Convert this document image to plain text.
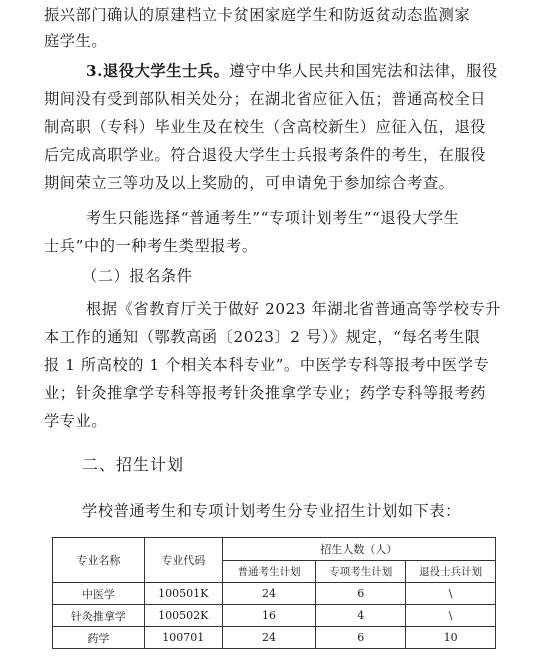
振兴部门确认的原建档立卡贫困家庭学生和防返贫动态监测家
庭学生。
3.退役大学生士兵。遵守中华人民共和国宪法和法律，服役
期间没有受到部队相关处分；在湖北省应征入伍；普通高校全日
制高职（专科）毕业生及在校生（含高校新生）应征入伍，退役
后完成高职学业。符合退役大学生士兵报考条件的考生，在服役
期间荣立三等功及以上奖励的，可申请免于参加综合考查。
考生只能选择“普通考生”“专项计划考生”“退役大学生
士兵”中的一种考生类型报考。
（二）报名条件
根据《省教育厅关于做好 2023 年湖北省普通高等学校专升
本工作的通知（鄂教高函〔2023〕2 号）》规定，“每名考生限
报 1 所高校的 1 个相关本科专业”。中医学专科等报考中医学专
业；针灸推拿学专科等报考针灸推拿学专业；药学专科等报考药
学专业。
二、招生计划
学校普通考生和专项计划考生分专业招生计划如下表：
专业名称	专业代码	招生人数（人）		
		普通考生计划	专项考生计划	退役士兵计划
中医学	100501K	24	6	\
针灸推拿学	100502K	16	4	\
药学	100701	24	6	10
